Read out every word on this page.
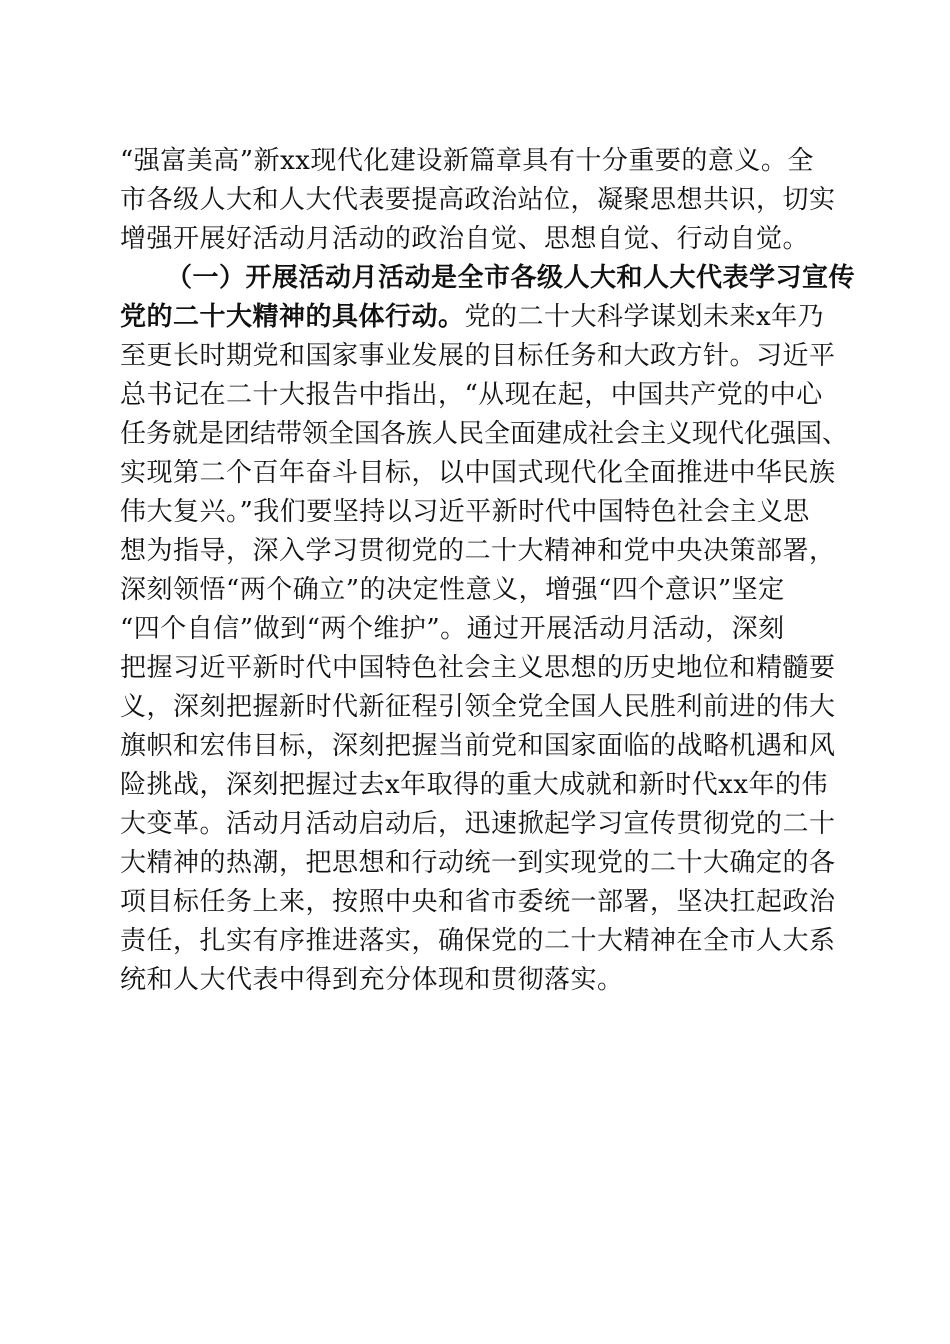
“强富美高”新xx现代化建设新篇章具有十分重要的意义。全
市各级人大和人大代表要提高政治站位，凝聚思想共识，切实
增强开展好活动月活动的政治自觉、思想自觉、行动自觉。
（一）开展活动月活动是全市各级人大和人大代表学习宣传
党的二十大精神的具体行动。党的二十大科学谋划未来x年乃
至更长时期党和国家事业发展的目标任务和大政方针。习近平
总书记在二十大报告中指出，“从现在起，中国共产党的中心
任务就是团结带领全国各族人民全面建成社会主义现代化强国、
实现第二个百年奋斗目标，以中国式现代化全面推进中华民族
伟大复兴。”我们要坚持以习近平新时代中国特色社会主义思
想为指导，深入学习贯彻党的二十大精神和党中央决策部署，
深刻领悟“两个确立”的决定性意义，增强“四个意识”坚定
“四个自信”做到“两个维护”。通过开展活动月活动，深刻
把握习近平新时代中国特色社会主义思想的历史地位和精髓要
义，深刻把握新时代新征程引领全党全国人民胜利前进的伟大
旗帜和宏伟目标，深刻把握当前党和国家面临的战略机遇和风
险挑战，深刻把握过去x年取得的重大成就和新时代xx年的伟
大变革。活动月活动启动后，迅速掀起学习宣传贯彻党的二十
大精神的热潮，把思想和行动统一到实现党的二十大确定的各
项目标任务上来，按照中央和省市委统一部署，坚决扛起政治
责任，扎实有序推进落实，确保党的二十大精神在全市人大系
统和人大代表中得到充分体现和贯彻落实。
